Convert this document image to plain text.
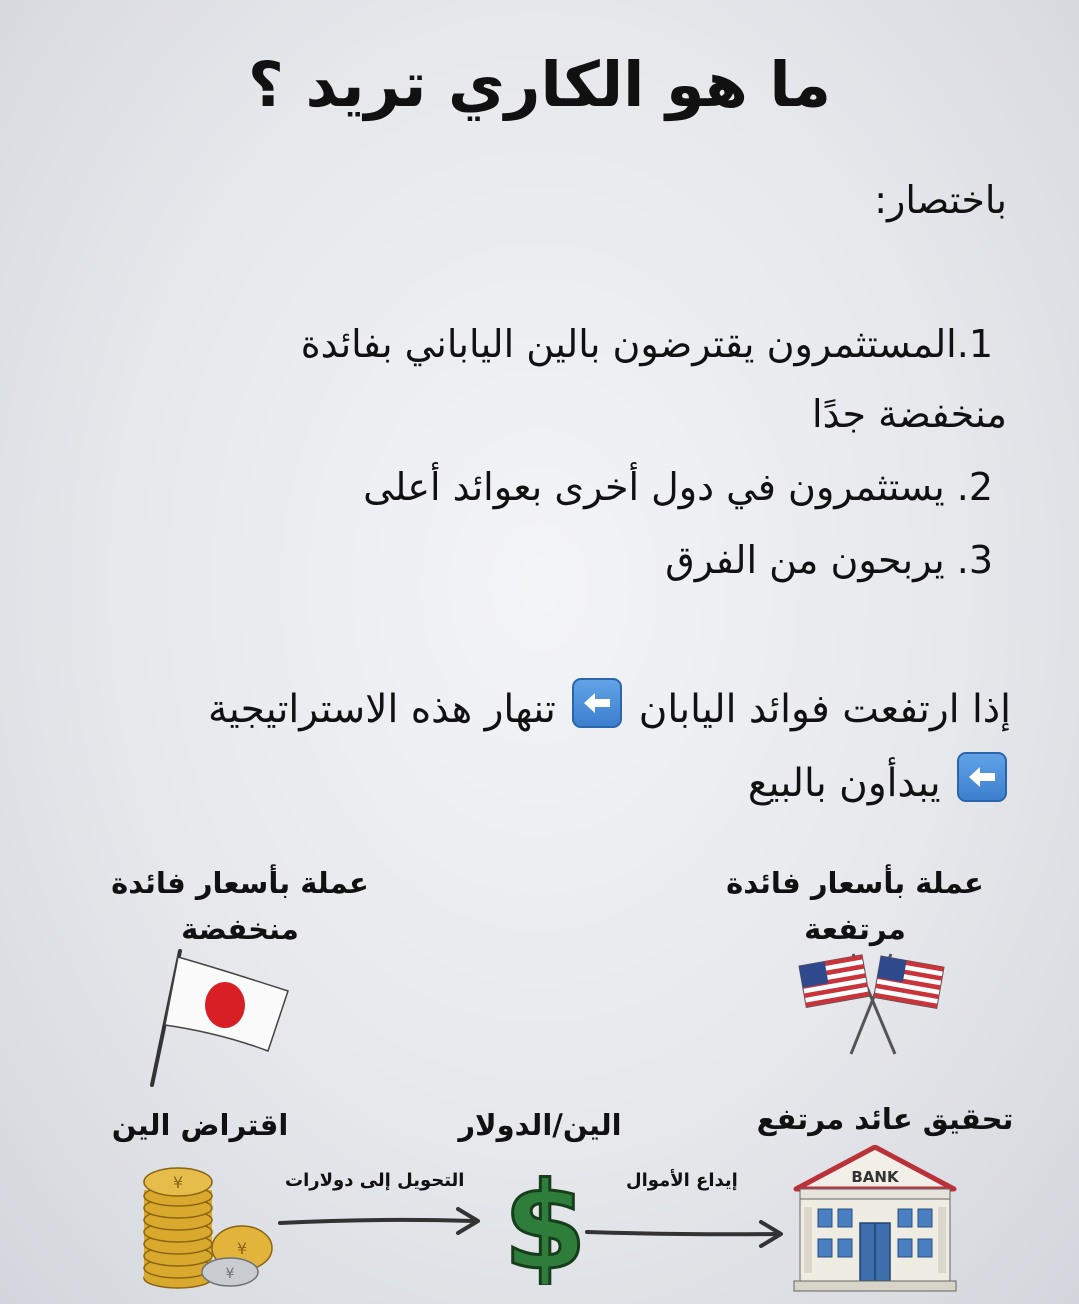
ما هو الكاري تريد ؟
باختصار:
1.المستثمرون يقترضون بالين الياباني بفائدة
منخفضة جدًا
2. يستثمرون في دول أخرى بعوائد أعلى
3. يربحون من الفرق
إذا ارتفعت فوائد اليابان
تنهار هذه الاستراتيجية
يبدأون بالبيع
عملة بأسعار فائدة
منخفضة
عملة بأسعار فائدة
مرتفعة
اقتراض الين	الين/الدولار	تحقيق عائد مرتفع
¥
¥
¥
التحويل إلى دولارات $ إيداع الأموال	BANK
